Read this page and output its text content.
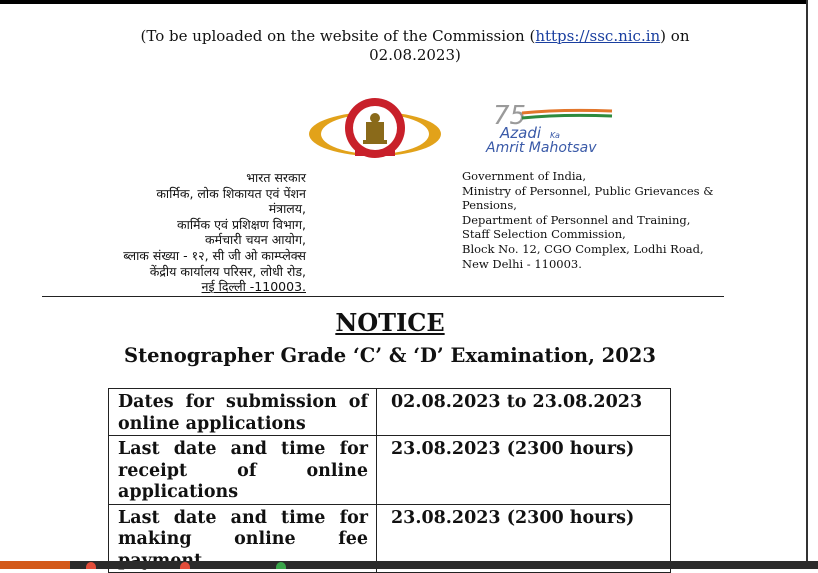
(To be uploaded on the website of the Commission (https://ssc.nic.in) on
02.08.2023)
75
Azadi Ka
Amrit Mahotsav
भारत सरकार
कार्मिक, लोक शिकायत एवं पेंशन
मंत्रालय,
कार्मिक एवं प्रशिक्षण विभाग,
कर्मचारी चयन आयोग,
ब्लाक संख्या - १२, सी जी ओ काम्प्लेक्स
केंद्रीय कार्यालय परिसर, लोधी रोड,
नई दिल्ली -110003.
Government of India,
Ministry of Personnel, Public Grievances &
Pensions,
Department of Personnel and Training,
Staff Selection Commission,
Block No. 12, CGO Complex, Lodhi Road,
New Delhi - 110003.
NOTICE
Stenographer Grade ‘C’ & ‘D’ Examination, 2023
Dates for submission of online applications	02.08.2023 to 23.08.2023
Last date and time for receipt of online applications	23.08.2023 (2300 hours)
Last date and time for making online fee	23.08.2023 (2300 hours)
